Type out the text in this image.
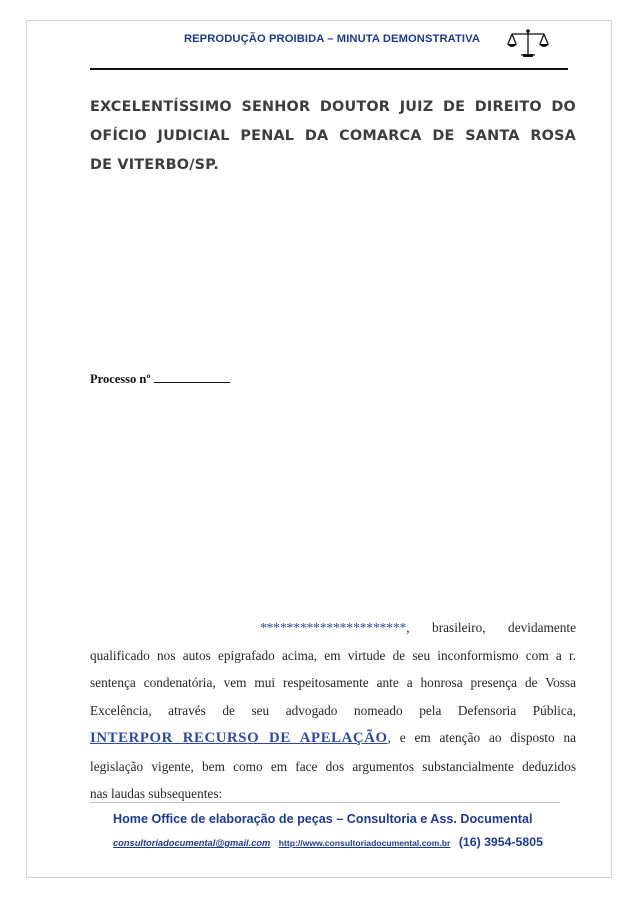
REPRODUÇÃO PROIBIDA – MINUTA DEMONSTRATIVA
EXCELENTÍSSIMO SENHOR DOUTOR JUIZ DE DIREITO DO
OFÍCIO JUDICIAL PENAL DA COMARCA DE SANTA ROSA
DE VITERBO/SP.
Processo nº
**********************, brasileiro, devidamente
qualificado nos autos epigrafado acima, em virtude de seu inconformismo com a r.
sentença condenatória, vem mui respeitosamente ante a honrosa presença de Vossa
Excelência, através de seu advogado nomeado pela Defensoria Pública,
INTERPOR RECURSO DE APELAÇÃO, e em atenção ao disposto na
legislação vigente, bem como em face dos argumentos substancialmente deduzidos
nas laudas subsequentes:
Home Office de elaboração de peças – Consultoria e Ass. Documental
consultoriadocumental@gmail.com http://www.consultoriadocumental.com.br (16) 3954-5805
